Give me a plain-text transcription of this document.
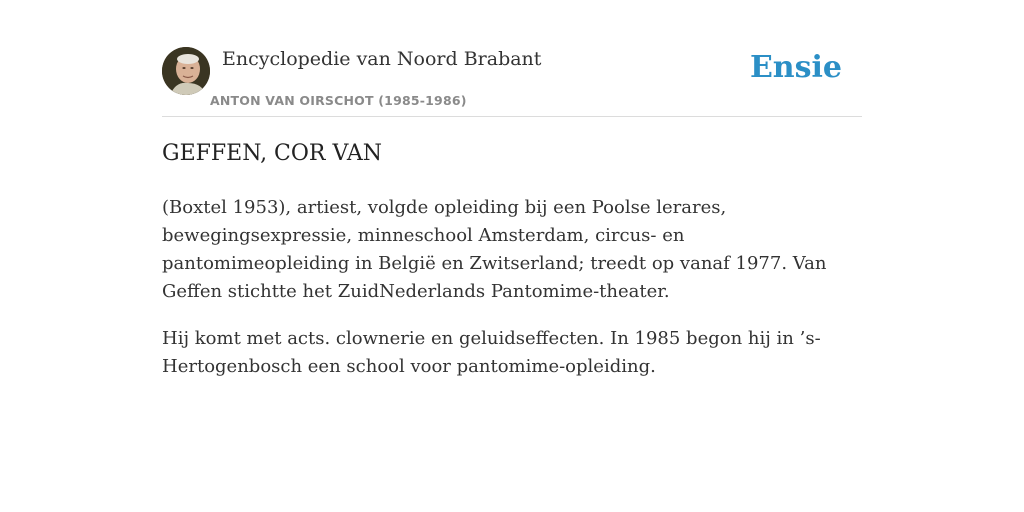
Encyclopedie van Noord Brabant
ANTON VAN OIRSCHOT (1985-1986)
Ensie
GEFFEN, COR VAN

(Boxtel 1953), artiest, volgde opleiding bij een Poolse lerares, bewegingsexpressie, minneschool Amsterdam, circus- en pantomimeopleiding in België en Zwitserland; treedt op vanaf 1977. Van Geffen stichtte het ZuidNederlands Pantomime-theater.

Hij komt met acts. clownerie en geluidseffecten. In 1985 begon hij in ’s-Hertogenbosch een school voor pantomime-opleiding.
